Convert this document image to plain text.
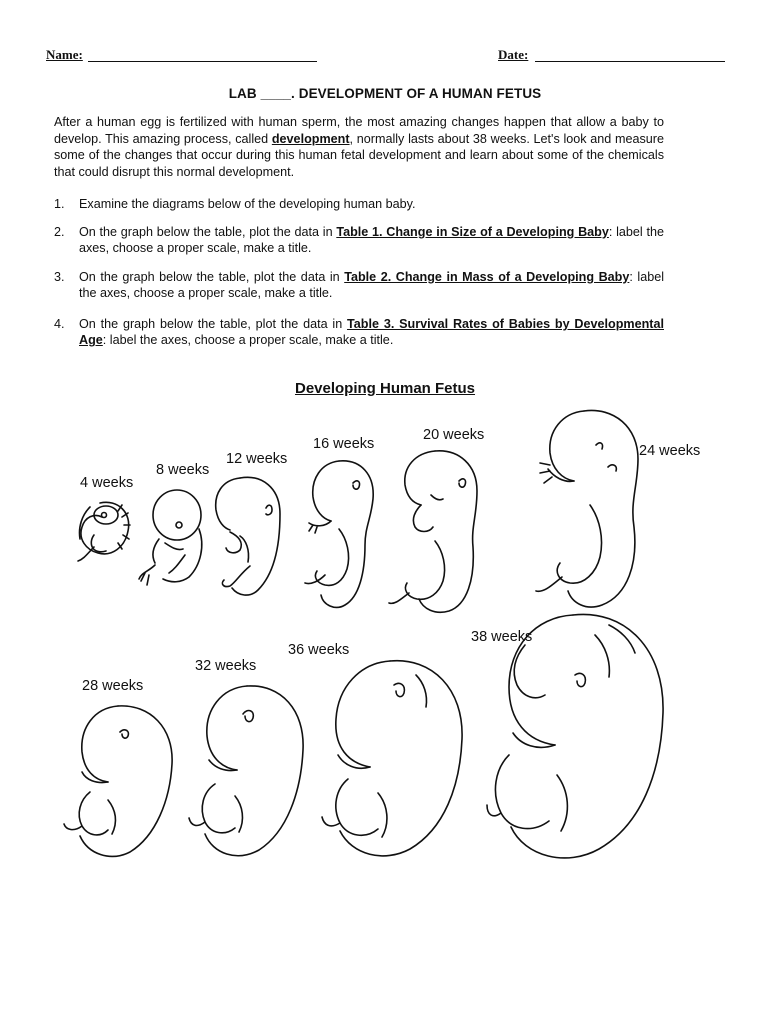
Name:	Date:
LAB ____. DEVELOPMENT OF A HUMAN FETUS
After a human egg is fertilized with human sperm, the most amazing changes happen that allow a baby to develop. This amazing process, called development, normally lasts about 38 weeks. Let's look and measure some of the changes that occur during this human fetal development and learn about some of the chemicals that could disrupt this normal development.
1.	Examine the diagrams below of the developing human baby.
2.	On the graph below the table, plot the data in Table 1. Change in Size of a Developing Baby: label the axes, choose a proper scale, make a title.
3.	On the graph below the table, plot the data in Table 2. Change in Mass of a Developing Baby: label the axes, choose a proper scale, make a title.
4.	On the graph below the table, plot the data in Table 3. Survival Rates of Babies by Developmental Age: label the axes, choose a proper scale, make a title.
Developing Human Fetus
4 weeks
8 weeks
12 weeks
16 weeks
20 weeks
24 weeks
28 weeks
32 weeks
36 weeks
38 weeks
